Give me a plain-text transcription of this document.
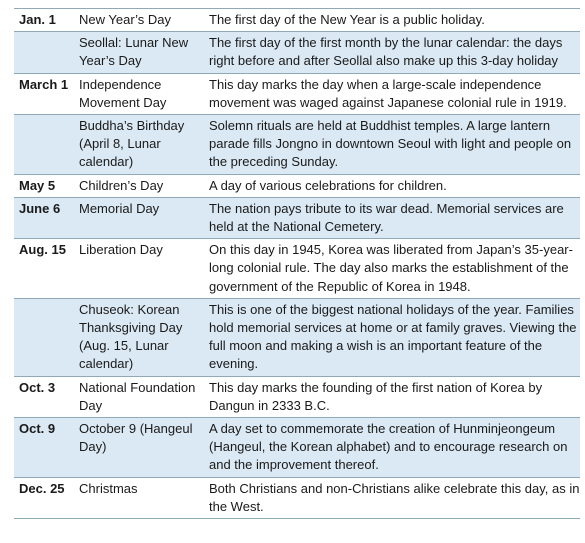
Jan. 1	New Year’s Day	The first day of the New Year is a public holiday.
	Seollal: Lunar New Year’s Day	The first day of the first month by the lunar calendar: the days right before and after Seollal also make up this 3-day holiday
March 1	Independence Movement Day	This day marks the day when a large-scale independence movement was waged against Japanese colonial rule in 1919.
	Buddha’s Birthday (April 8, Lunar calendar)	Solemn rituals are held at Buddhist temples. A large lantern parade fills Jongno in downtown Seoul with light and people on the preceding Sunday.
May 5	Children’s Day	A day of various celebrations for children.
June 6	Memorial Day	The nation pays tribute to its war dead. Memorial services are held at the National Cemetery.
Aug. 15	Liberation Day	On this day in 1945, Korea was liberated from Japan’s 35-year-long colonial rule. The day also marks the establishment of the government of the Republic of Korea in 1948.
	Chuseok: Korean Thanksgiving Day (Aug. 15, Lunar calendar)	This is one of the biggest national holidays of the year. Families hold memorial services at home or at family graves. Viewing the full moon and making a wish is an important feature of the evening.
Oct. 3	National Foundation Day	This day marks the founding of the first nation of Korea by Dangun in 2333 B.C.
Oct. 9	October 9 (Hangeul Day)	A day set to commemorate the creation of Hunminjeongeum (Hangeul, the Korean alphabet) and to encourage research on and the improvement thereof.
Dec. 25	Christmas	Both Christians and non-Christians alike celebrate this day, as in the West.
